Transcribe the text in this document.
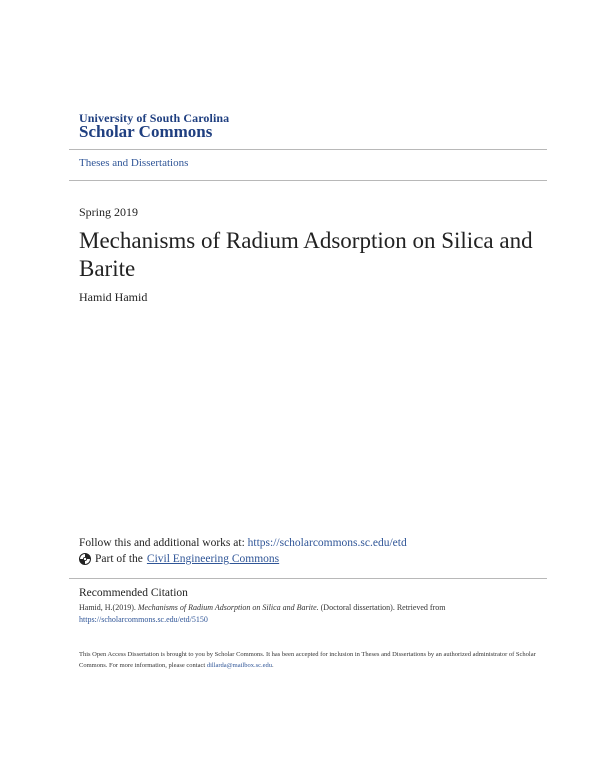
University of South Carolina
Scholar Commons
Theses and Dissertations
Spring 2019
Mechanisms of Radium Adsorption on Silica and Barite
Hamid Hamid
Follow this and additional works at: https://scholarcommons.sc.edu/etd
Part of the Civil Engineering Commons
Recommended Citation
Hamid, H.(2019). Mechanisms of Radium Adsorption on Silica and Barite. (Doctoral dissertation). Retrieved from
https://scholarcommons.sc.edu/etd/5150
This Open Access Dissertation is brought to you by Scholar Commons. It has been accepted for inclusion in Theses and Dissertations by an authorized administrator of Scholar Commons. For more information, please contact dillarda@mailbox.sc.edu.
